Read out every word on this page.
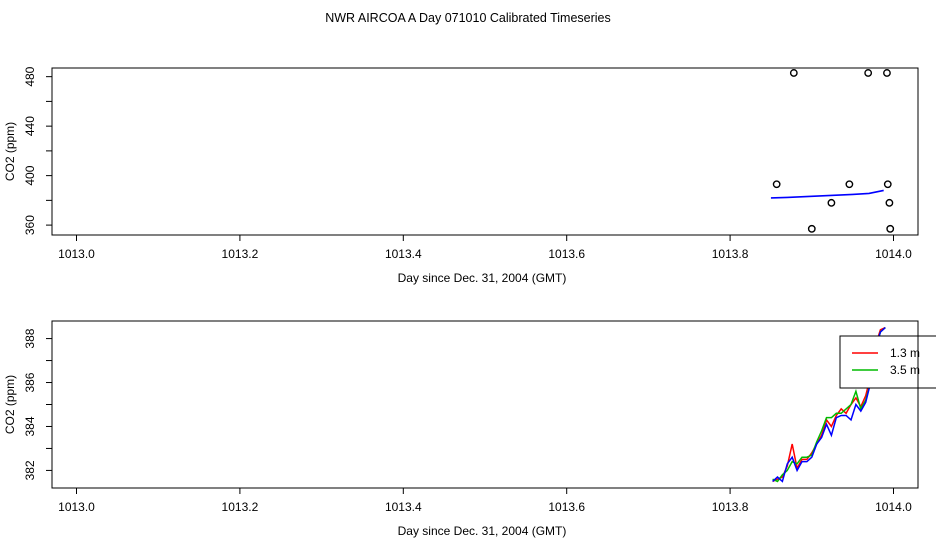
NWR AIRCOA A Day 071010 Calibrated Timeseries
1013.0	1013.2	1013.4	1013.6	1013.8	1014.0
360
400
440
480
Day since Dec. 31, 2004 (GMT)
CO2 (ppm)
1013.0	1013.2	1013.4	1013.6	1013.8	1014.0
382
384
386
388
Day since Dec. 31, 2004 (GMT)
CO2 (ppm)
1.3 m
3.5 m
